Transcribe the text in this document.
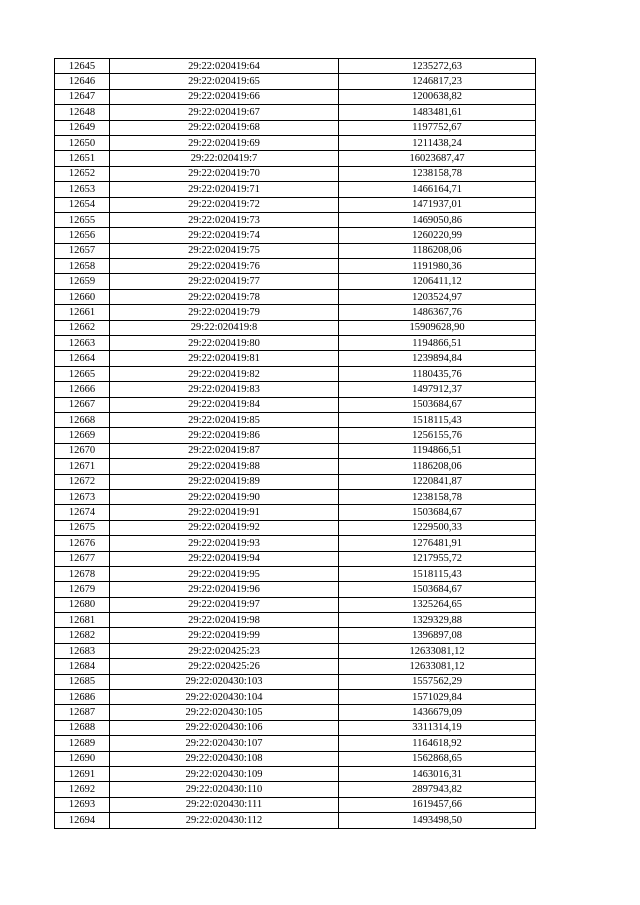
12645	29:22:020419:64	1235272,63
12646	29:22:020419:65	1246817,23
12647	29:22:020419:66	1200638,82
12648	29:22:020419:67	1483481,61
12649	29:22:020419:68	1197752,67
12650	29:22:020419:69	1211438,24
12651	29:22:020419:7	16023687,47
12652	29:22:020419:70	1238158,78
12653	29:22:020419:71	1466164,71
12654	29:22:020419:72	1471937,01
12655	29:22:020419:73	1469050,86
12656	29:22:020419:74	1260220,99
12657	29:22:020419:75	1186208,06
12658	29:22:020419:76	1191980,36
12659	29:22:020419:77	1206411,12
12660	29:22:020419:78	1203524,97
12661	29:22:020419:79	1486367,76
12662	29:22:020419:8	15909628,90
12663	29:22:020419:80	1194866,51
12664	29:22:020419:81	1239894,84
12665	29:22:020419:82	1180435,76
12666	29:22:020419:83	1497912,37
12667	29:22:020419:84	1503684,67
12668	29:22:020419:85	1518115,43
12669	29:22:020419:86	1256155,76
12670	29:22:020419:87	1194866,51
12671	29:22:020419:88	1186208,06
12672	29:22:020419:89	1220841,87
12673	29:22:020419:90	1238158,78
12674	29:22:020419:91	1503684,67
12675	29:22:020419:92	1229500,33
12676	29:22:020419:93	1276481,91
12677	29:22:020419:94	1217955,72
12678	29:22:020419:95	1518115,43
12679	29:22:020419:96	1503684,67
12680	29:22:020419:97	1325264,65
12681	29:22:020419:98	1329329,88
12682	29:22:020419:99	1396897,08
12683	29:22:020425:23	12633081,12
12684	29:22:020425:26	12633081,12
12685	29:22:020430:103	1557562,29
12686	29:22:020430:104	1571029,84
12687	29:22:020430:105	1436679,09
12688	29:22:020430:106	3311314,19
12689	29:22:020430:107	1164618,92
12690	29:22:020430:108	1562868,65
12691	29:22:020430:109	1463016,31
12692	29:22:020430:110	2897943,82
12693	29:22:020430:111	1619457,66
12694	29:22:020430:112	1493498,50
